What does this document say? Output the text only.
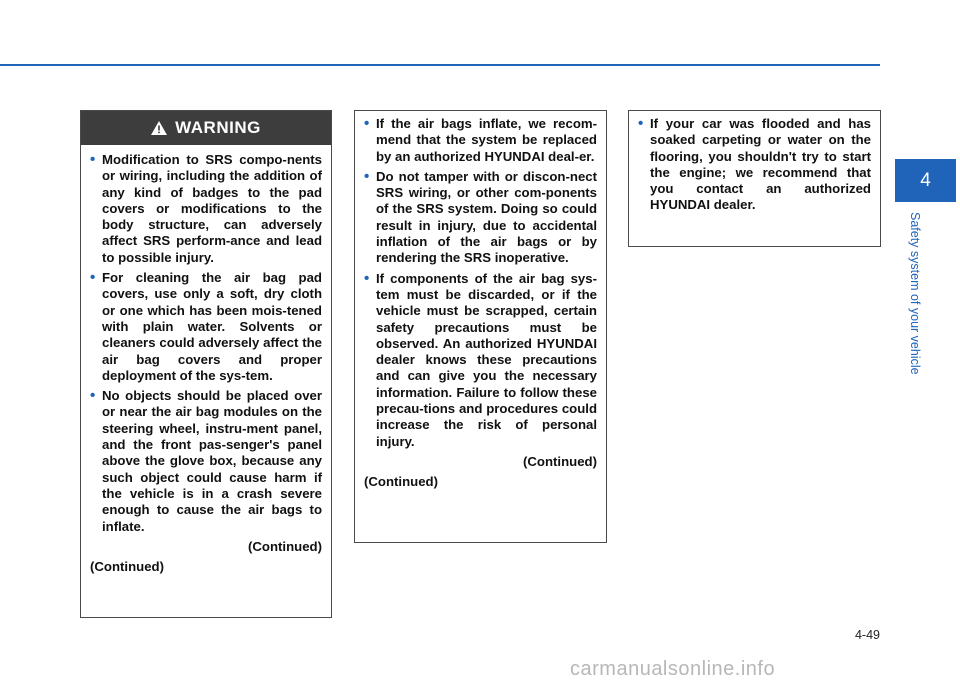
WARNING
• Modification to SRS compo-nents or wiring, including the addition of any kind of badges to the pad covers or modifications to the body structure, can adversely affect SRS perform-ance and lead to possible injury.
• For cleaning the air bag pad covers, use only a soft, dry cloth or one which has been mois-tened with plain water. Solvents or cleaners could adversely affect the air bag covers and proper deployment of the sys-tem.
• No objects should be placed over or near the air bag modules on the steering wheel, instru-ment panel, and the front pas-senger's panel above the glove box, because any such object could cause harm if the vehicle is in a crash severe enough to cause the air bags to inflate.
(Continued)
(Continued)
• If the air bags inflate, we recom-mend that the system be replaced by an authorized HYUNDAI deal-er.
• Do not tamper with or discon-nect SRS wiring, or other com-ponents of the SRS system. Doing so could result in injury, due to accidental inflation of the air bags or by rendering the SRS inoperative.
• If components of the air bag sys-tem must be discarded, or if the vehicle must be scrapped, certain safety precautions must be observed. An authorized HYUNDAI dealer knows these precautions and can give you the necessary information. Failure to follow these precau-tions and procedures could increase the risk of personal injury.
(Continued)
(Continued)
• If your car was flooded and has soaked carpeting or water on the flooring, you shouldn't try to start the engine; we recommend that you contact an authorized HYUNDAI dealer.
4
Safety system of your vehicle
4-49
carmanualsonline.info
